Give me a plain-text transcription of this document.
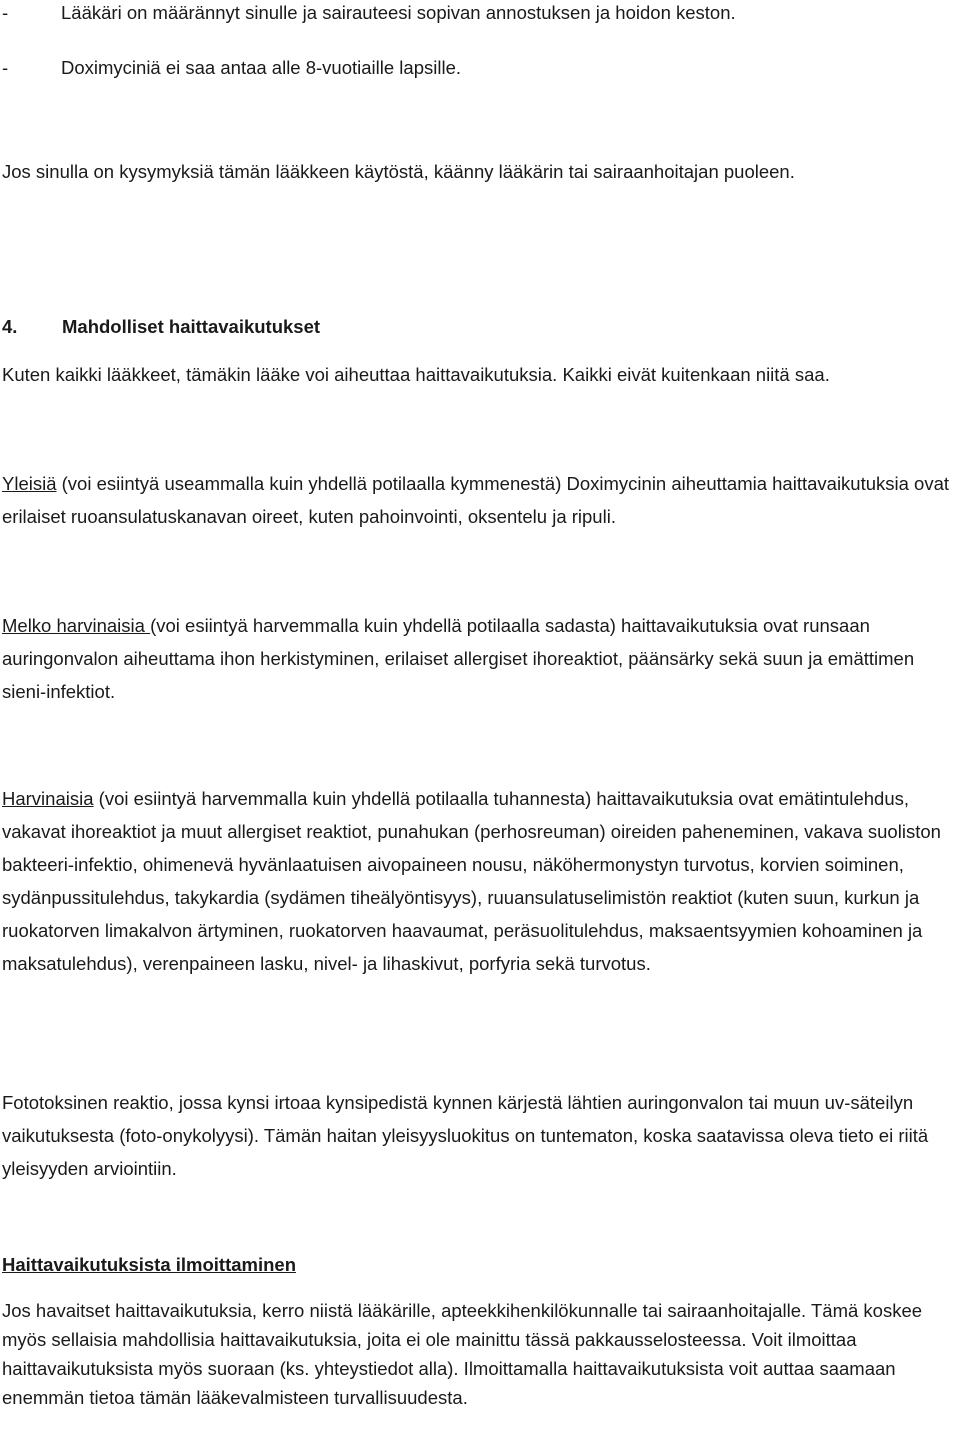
-	Lääkäri on määrännyt sinulle ja sairauteesi sopivan annostuksen ja hoidon keston.
-	Doximyciniä ei saa antaa alle 8-vuotiaille lapsille.

Jos sinulla on kysymyksiä tämän lääkkeen käytöstä, käänny lääkärin tai sairaanhoitajan puoleen.

4. Mahdolliset haittavaikutukset

Kuten kaikki lääkkeet, tämäkin lääke voi aiheuttaa haittavaikutuksia. Kaikki eivät kuitenkaan niitä saa.

Yleisiä (voi esiintyä useammalla kuin yhdellä potilaalla kymmenestä) Doximycinin aiheuttamia haittavaikutuksia ovat erilaiset ruoansulatuskanavan oireet, kuten pahoinvointi, oksentelu ja ripuli.

Melko harvinaisia (voi esiintyä harvemmalla kuin yhdellä potilaalla sadasta) haittavaikutuksia ovat runsaan auringonvalon aiheuttama ihon herkistyminen, erilaiset allergiset ihoreaktiot, päänsärky sekä suun ja emättimen sieni-infektiot.

Harvinaisia (voi esiintyä harvemmalla kuin yhdellä potilaalla tuhannesta) haittavaikutuksia ovat emätintulehdus, vakavat ihoreaktiot ja muut allergiset reaktiot, punahukan (perhosreuman) oireiden paheneminen, vakava suoliston bakteeri-infektio, ohimenevä hyvänlaatuisen aivopaineen nousu, näköhermonystyn turvotus, korvien soiminen, sydänpussitulehdus, takykardia (sydämen tiheälyöntisyys), ruuansulatuselimistön reaktiot (kuten suun, kurkun ja ruokatorven limakalvon ärtyminen, ruokatorven haavaumat, peräsuolitulehdus, maksaentsyymien kohoaminen ja maksatulehdus), verenpaineen lasku, nivel- ja lihaskivut, porfyria sekä turvotus.

Fototoksinen reaktio, jossa kynsi irtoaa kynsipedistä kynnen kärjestä lähtien auringonvalon tai muun uv-säteilyn vaikutuksesta (foto-onykolyysi). Tämän haitan yleisyysluokitus on tuntematon, koska saatavissa oleva tieto ei riitä yleisyyden arviointiin.

Haittavaikutuksista ilmoittaminen

Jos havaitset haittavaikutuksia, kerro niistä lääkärille, apteekkihenkilökunnalle tai sairaanhoitajalle. Tämä koskee myös sellaisia mahdollisia haittavaikutuksia, joita ei ole mainittu tässä pakkausselosteessa. Voit ilmoittaa haittavaikutuksista myös suoraan (ks. yhteystiedot alla). Ilmoittamalla haittavaikutuksista voit auttaa saamaan enemmän tietoa tämän lääkevalmisteen turvallisuudesta.
